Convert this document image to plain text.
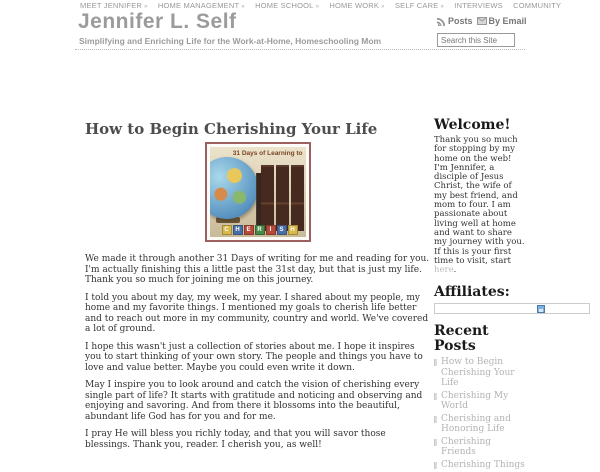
MEET JENNIFER » HOME MANAGEMENT » HOME SCHOOL » HOME WORK » SELF CARE » INTERVIEWS COMMUNITY
Jennifer L. Self
Simplifying and Enriching Life for the Work-at-Home, Homeschooling Mom
Posts By Email
Search this Site
How to Begin Cherishing Your Life
31 Days of Learning to
C	H	E	R	I	S	H

We made it through another 31 Days of writing for me and reading for you. I'm actually finishing this a little past the 31st day, but that is just my life. Thank you so much for joining me on this journey.

I told you about my day, my week, my year. I shared about my people, my home and my favorite things. I mentioned my goals to cherish life better and to reach out more in my community, country and world. We've covered a lot of ground.

I hope this wasn't just a collection of stories about me. I hope it inspires you to start thinking of your own story. The people and things you have to love and value better. Maybe you could even write it down.

May I inspire you to look around and catch the vision of cherishing every single part of life? It starts with gratitude and noticing and observing and enjoying and savoring. And from there it blossoms into the beautiful, abundant life God has for you and for me.

I pray He will bless you richly today, and that you will savor those blessings. Thank you, reader. I cherish you, as well!

Welcome!

Thank you so much for stopping by my home on the web! I'm Jennifer, a disciple of Jesus Christ, the wife of my best friend, and mom to four. I am passionate about living well at home and want to share my journey with you. If this is your first time to visit, start here.

Affiliates:
Recent Posts
How to Begin Cherishing Your Life
Cherishing My World
Cherishing and Honoring Life
Cherishing Friends
Cherishing Things
